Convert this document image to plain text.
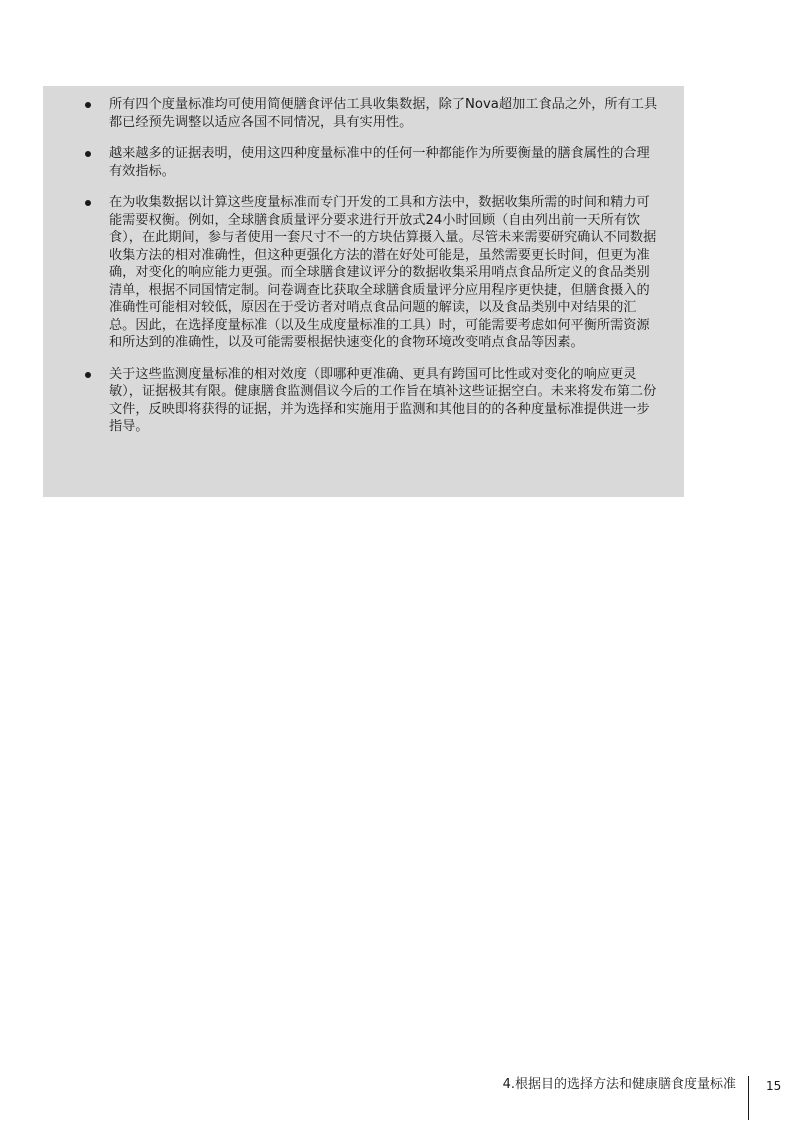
所有四个度量标准均可使用简便膳食评估工具收集数据，除了Nova超加工食品之外，所有工具都已经预先调整以适应各国不同情况，具有实用性。
越来越多的证据表明，使用这四种度量标准中的任何一种都能作为所要衡量的膳食属性的合理有效指标。
在为收集数据以计算这些度量标准而专门开发的工具和方法中，数据收集所需的时间和精力可能需要权衡。例如，全球膳食质量评分要求进行开放式24小时回顾（自由列出前一天所有饮食），在此期间，参与者使用一套尺寸不一的方块估算摄入量。尽管未来需要研究确认不同数据收集方法的相对准确性，但这种更强化方法的潜在好处可能是，虽然需要更长时间，但更为准确，对变化的响应能力更强。而全球膳食建议评分的数据收集采用哨点食品所定义的食品类别清单，根据不同国情定制。问卷调查比获取全球膳食质量评分应用程序更快捷，但膳食摄入的准确性可能相对较低，原因在于受访者对哨点食品问题的解读，以及食品类别中对结果的汇总。因此，在选择度量标准（以及生成度量标准的工具）时，可能需要考虑如何平衡所需资源和所达到的准确性，以及可能需要根据快速变化的食物环境改变哨点食品等因素。
关于这些监测度量标准的相对效度（即哪种更准确、更具有跨国可比性或对变化的响应更灵敏），证据极其有限。健康膳食监测倡议今后的工作旨在填补这些证据空白。未来将发布第二份文件，反映即将获得的证据，并为选择和实施用于监测和其他目的的各种度量标准提供进一步指导。
4.根据目的选择方法和健康膳食度量标准	15
